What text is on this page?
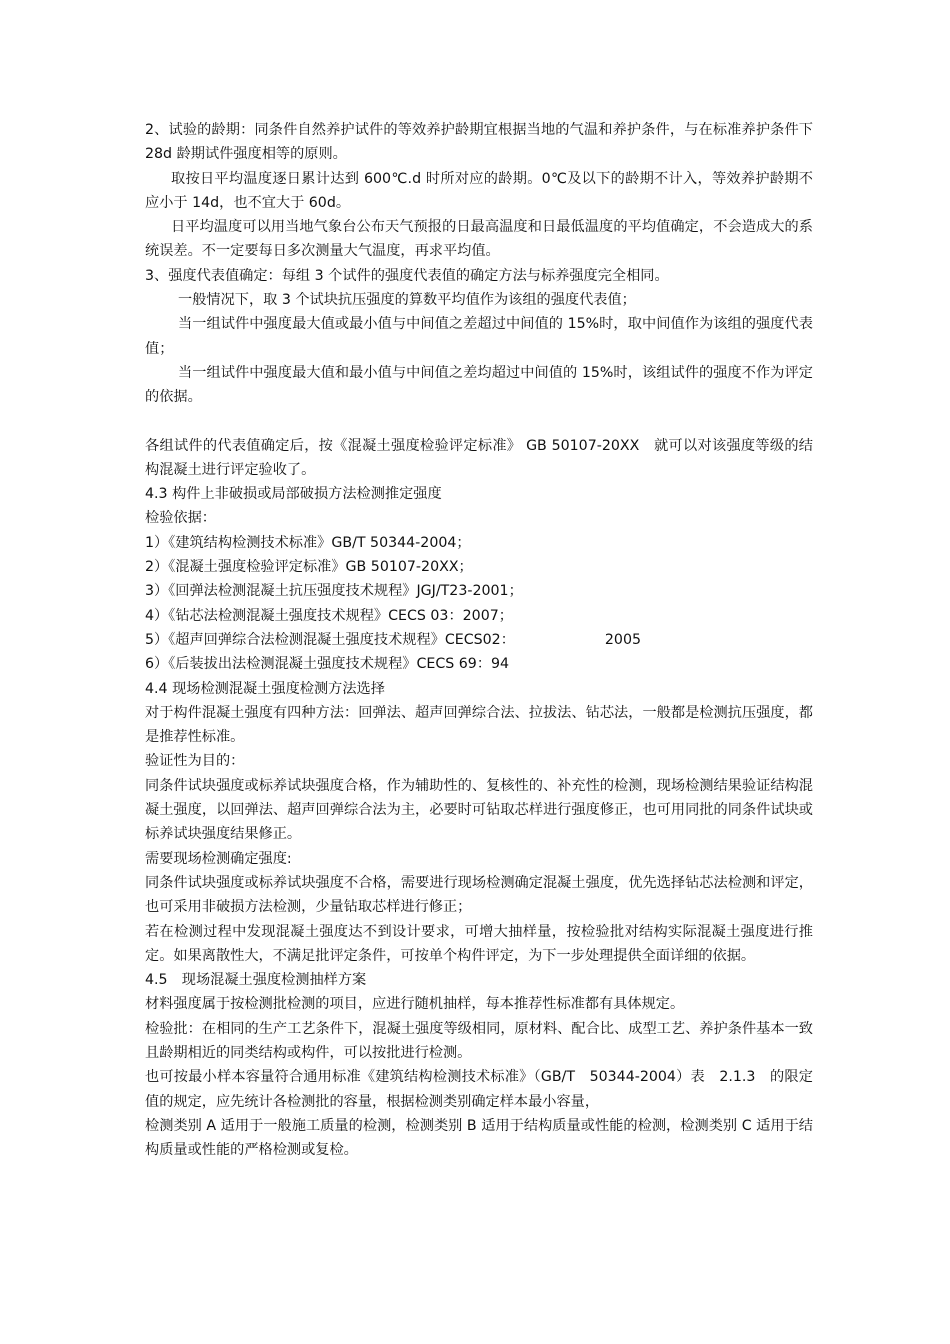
2、试验的龄期：同条件自然养护试件的等效养护龄期宜根据当地的气温和养护条件，与在标准养护条件下 28d 龄期试件强度相等的原则。

取按日平均温度逐日累计达到 600℃.d 时所对应的龄期。0℃及以下的龄期不计入，等效养护龄期不应小于 14d，也不宜大于 60d。

日平均温度可以用当地气象台公布天气预报的日最高温度和日最低温度的平均值确定，不会造成大的系统误差。不一定要每日多次测量大气温度，再求平均值。

3、强度代表值确定：每组 3 个试件的强度代表值的确定方法与标养强度完全相同。

一般情况下，取 3 个试块抗压强度的算数平均值作为该组的强度代表值；

当一组试件中强度最大值或最小值与中间值之差超过中间值的 15%时，取中间值作为该组的强度代表值；

当一组试件中强度最大值和最小值与中间值之差均超过中间值的 15%时，该组试件的强度不作为评定的依据。

各组试件的代表值确定后，按《混凝土强度检验评定标准》 GB 50107-20XX　就可以对该强度等级的结构混凝土进行评定验收了。

4.3 构件上非破损或局部破损方法检测推定强度

检验依据：

1）《建筑结构检测技术标准》GB/T 50344-2004；

2）《混凝土强度检验评定标准》GB 50107-20XX；

3）《回弹法检测混凝土抗压强度技术规程》JGJ/T23-2001；

4）《钻芯法检测混凝土强度技术规程》CECS 03：2007；

5）《超声回弹综合法检测混凝土强度技术规程》CECS02：	2005

6）《后装拔出法检测混凝土强度技术规程》CECS 69：94

4.4 现场检测混凝土强度检测方法选择

对于构件混凝土强度有四种方法：回弹法、超声回弹综合法、拉拔法、钻芯法，一般都是检测抗压强度，都是推荐性标准。

验证性为目的：

同条件试块强度或标养试块强度合格，作为辅助性的、复核性的、补充性的检测，现场检测结果验证结构混凝土强度，以回弹法、超声回弹综合法为主，必要时可钻取芯样进行强度修正，也可用同批的同条件试块或标养试块强度结果修正。

需要现场检测确定强度:

同条件试块强度或标养试块强度不合格，需要进行现场检测确定混凝土强度，优先选择钻芯法检测和评定，也可采用非破损方法检测，少量钻取芯样进行修正；

若在检测过程中发现混凝土强度达不到设计要求，可增大抽样量，按检验批对结构实际混凝土强度进行推定。如果离散性大，不满足批评定条件，可按单个构件评定，为下一步处理提供全面详细的依据。

4.5　现场混凝土强度检测抽样方案

材料强度属于按检测批检测的项目，应进行随机抽样，每本推荐性标准都有具体规定。

检验批：在相同的生产工艺条件下，混凝土强度等级相同，原材料、配合比、成型工艺、养护条件基本一致且龄期相近的同类结构或构件，可以按批进行检测。

也可按最小样本容量符合通用标准《建筑结构检测技术标准》（GB/T　50344-2004）表　2.1.3　的限定值的规定，应先统计各检测批的容量，根据检测类别确定样本最小容量，

检测类别 A 适用于一般施工质量的检测，检测类别 B 适用于结构质量或性能的检测，检测类别 C 适用于结构质量或性能的严格检测或复检。
